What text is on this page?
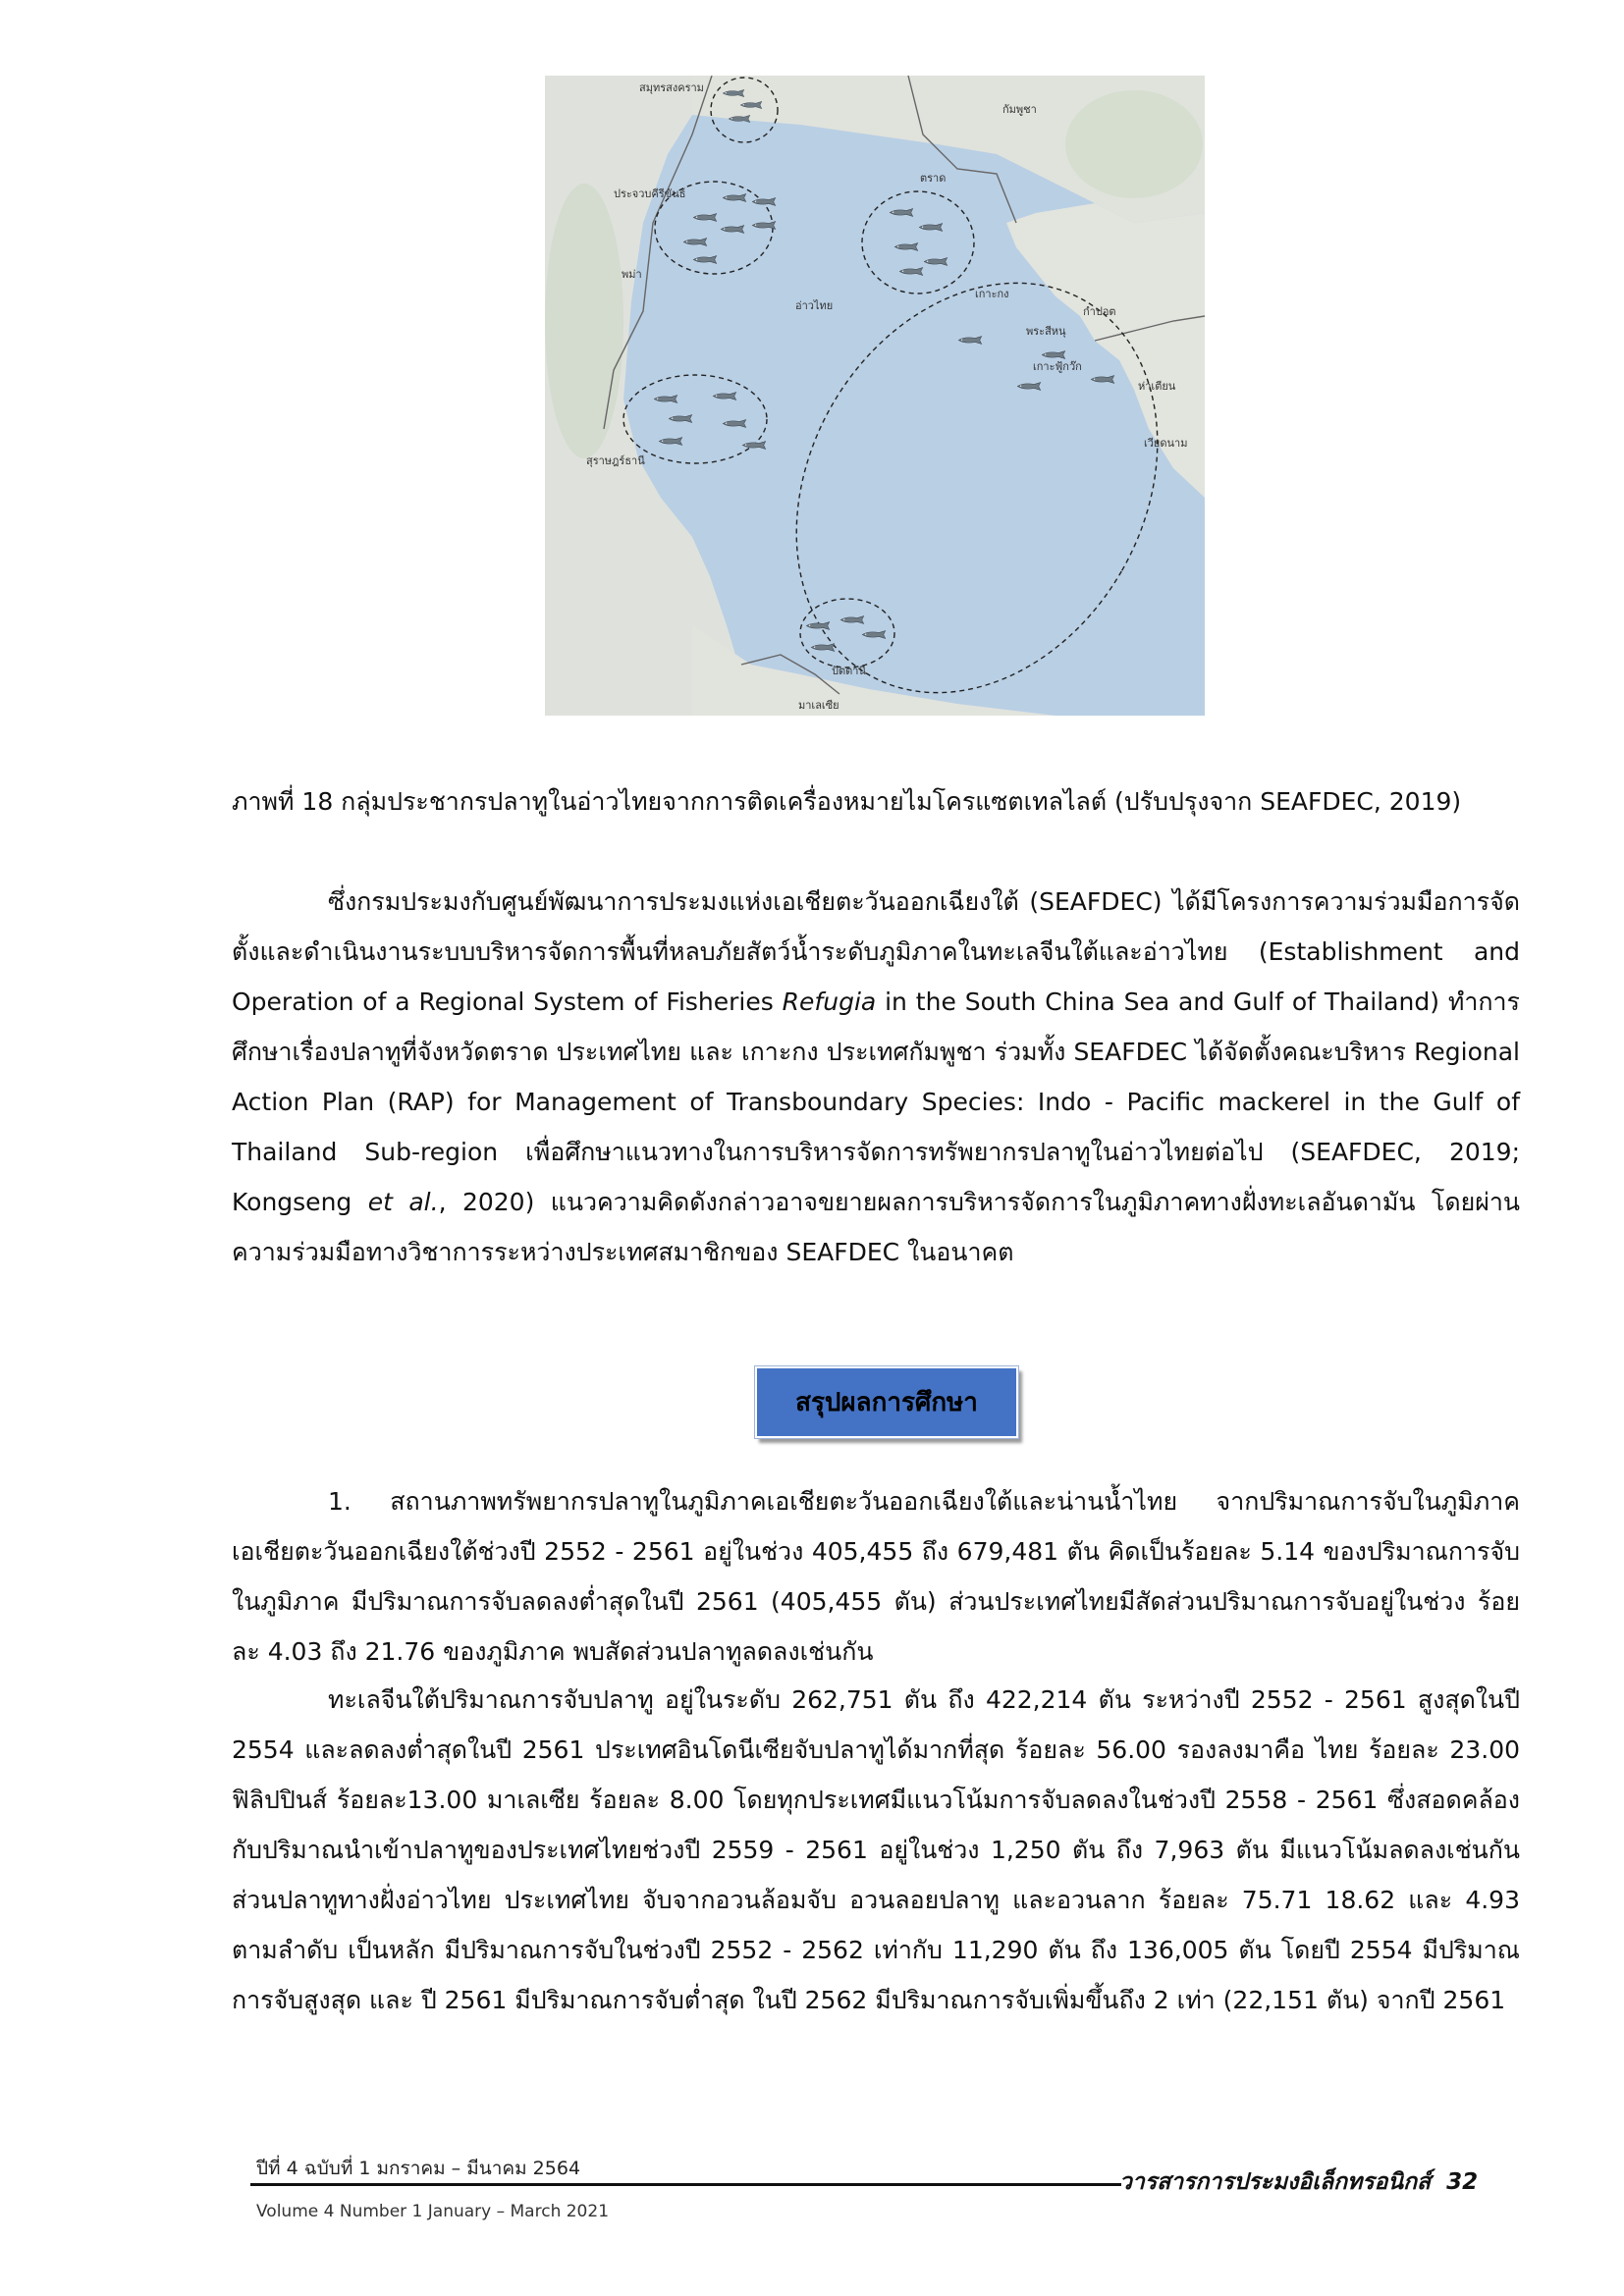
สมุทรสงคราม
ประจวบคีรีขันธ์
พม่า
สุราษฎร์ธานี
ตราด
กัมพูชา
อ่าวไทย
เกาะกง
กำปอต
พระสีหนุ
เกาะฟู้กว๊ก
ห่าเตียน
เวียดนาม
ปัตตานี
มาเลเซีย
ภาพที่ 18 กลุ่มประชากรปลาทูในอ่าวไทยจากการติดเครื่องหมายไมโครแซตเทลไลต์ (ปรับปรุงจาก SEAFDEC, 2019)
ซึ่งกรมประมงกับศูนย์พัฒนาการประมงแห่งเอเชียตะวันออกเฉียงใต้ (SEAFDEC) ได้มีโครงการความร่วมมือการจัดตั้งและดำเนินงานระบบบริหารจัดการพื้นที่หลบภัยสัตว์น้ำระดับภูมิภาคในทะเลจีนใต้และอ่าวไทย (Establishment and Operation of a Regional System of Fisheries Refugia in the South China Sea and Gulf of Thailand) ทำการศึกษาเรื่องปลาทูที่จังหวัดตราด ประเทศไทย และ เกาะกง ประเทศกัมพูชา ร่วมทั้ง SEAFDEC ได้จัดตั้งคณะบริหาร Regional Action Plan (RAP) for Management of Transboundary Species: Indo - Pacific mackerel in the Gulf of Thailand Sub-region เพื่อศึกษาแนวทางในการบริหารจัดการทรัพยากรปลาทูในอ่าวไทยต่อไป (SEAFDEC, 2019; Kongseng et al., 2020) แนวความคิดดังกล่าวอาจขยายผลการบริหารจัดการในภูมิภาคทางฝั่งทะเลอันดามัน โดยผ่านความร่วมมือทางวิชาการระหว่างประเทศสมาชิกของ SEAFDEC ในอนาคต
สรุปผลการศึกษา
1. สถานภาพทรัพยากรปลาทูในภูมิภาคเอเชียตะวันออกเฉียงใต้และน่านน้ำไทย จากปริมาณการจับในภูมิภาคเอเชียตะวันออกเฉียงใต้ช่วงปี 2552 - 2561 อยู่ในช่วง 405,455 ถึง 679,481 ตัน คิดเป็นร้อยละ 5.14 ของปริมาณการจับในภูมิภาค มีปริมาณการจับลดลงต่ำสุดในปี 2561 (405,455 ตัน) ส่วนประเทศไทยมีสัดส่วนปริมาณการจับอยู่ในช่วง ร้อยละ 4.03 ถึง 21.76 ของภูมิภาค พบสัดส่วนปลาทูลดลงเช่นกัน
ทะเลจีนใต้ปริมาณการจับปลาทู อยู่ในระดับ 262,751 ตัน ถึง 422,214 ตัน ระหว่างปี 2552 - 2561 สูงสุดในปี 2554 และลดลงต่ำสุดในปี 2561 ประเทศอินโดนีเซียจับปลาทูได้มากที่สุด ร้อยละ 56.00 รองลงมาคือ ไทย ร้อยละ 23.00 ฟิลิปปินส์ ร้อยละ13.00 มาเลเซีย ร้อยละ 8.00 โดยทุกประเทศมีแนวโน้มการจับลดลงในช่วงปี 2558 - 2561 ซึ่งสอดคล้องกับปริมาณนำเข้าปลาทูของประเทศไทยช่วงปี 2559 - 2561 อยู่ในช่วง 1,250 ตัน ถึง 7,963 ตัน มีแนวโน้มลดลงเช่นกัน ส่วนปลาทูทางฝั่งอ่าวไทย ประเทศไทย จับจากอวนล้อมจับ อวนลอยปลาทู และอวนลาก ร้อยละ 75.71 18.62 และ 4.93 ตามลำดับ เป็นหลัก มีปริมาณการจับในช่วงปี 2552 - 2562 เท่ากับ 11,290 ตัน ถึง 136,005 ตัน โดยปี 2554 มีปริมาณการจับสูงสุด และ ปี 2561 มีปริมาณการจับต่ำสุด ในปี 2562 มีปริมาณการจับเพิ่มขึ้นถึง 2 เท่า (22,151 ตัน) จากปี 2561
ปีที่ 4 ฉบับที่ 1 มกราคม – มีนาคม 2564
วารสารการประมงอิเล็กทรอนิกส์ 32
Volume 4 Number 1 January – March 2021
